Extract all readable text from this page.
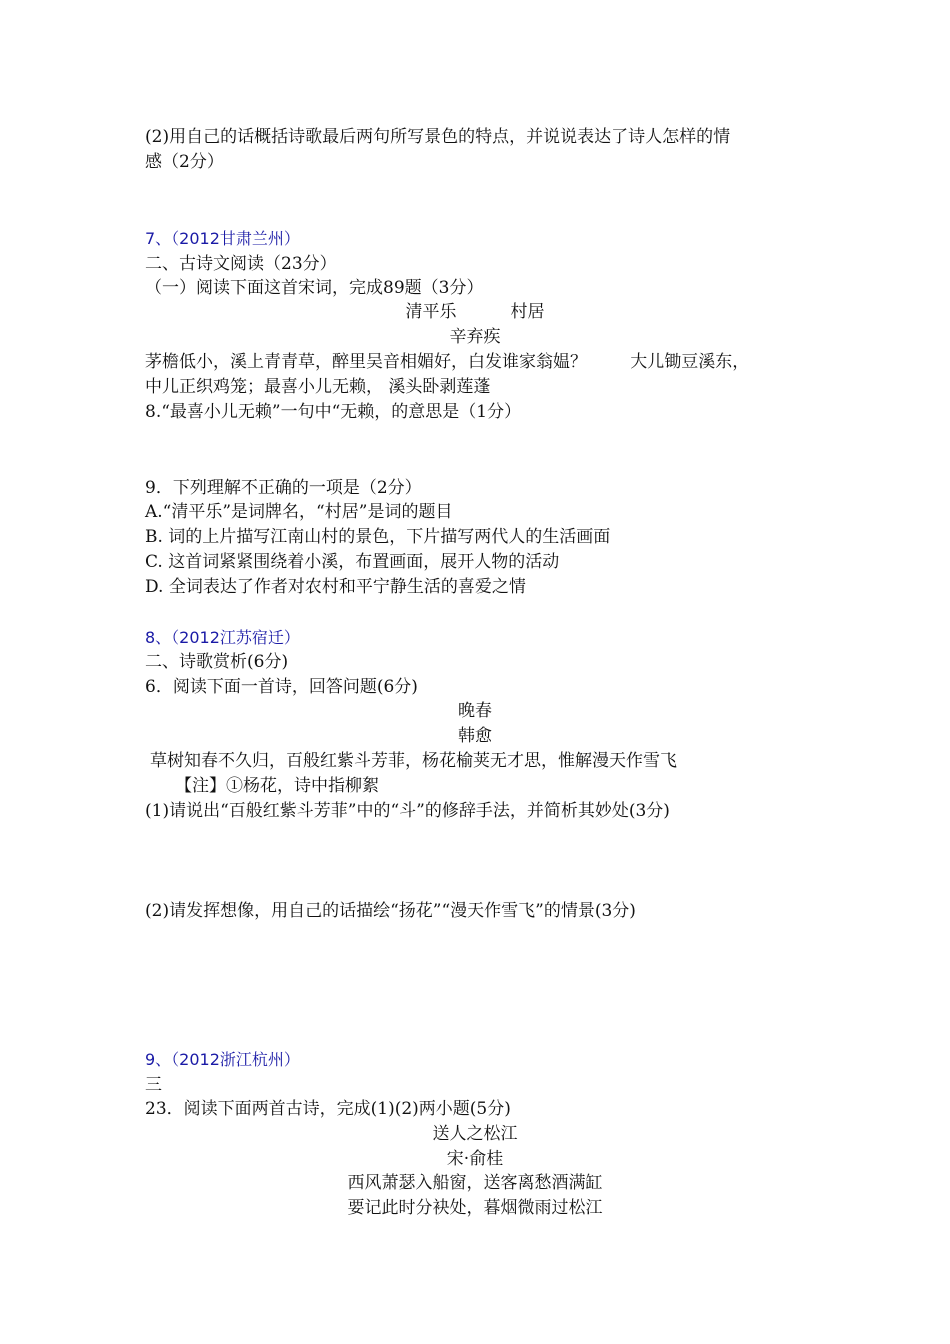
(2)用自己的话概括诗歌最后两句所写景色的特点，并说说表达了诗人怎样的情
感（2分）
7、（2012甘肃兰州）
二、古诗文阅读（23分）
（一）阅读下面这首宋词，完成89题（3分）
清平乐          村居
辛弃疾
茅檐低小，溪上青青草，醉里吴音相媚好，白发谁家翁媪？        大儿锄豆溪东，
中儿正织鸡笼；最喜小儿无赖， 溪头卧剥莲蓬
8.“最喜小儿无赖”一句中“无赖，的意思是（1分）
9．下列理解不正确的一项是（2分）
A.“清平乐”是词牌名，“村居”是词的题目
B. 词的上片描写江南山村的景色，下片描写两代人的生活画面
C. 这首词紧紧围绕着小溪，布置画面，展开人物的活动
D. 全词表达了作者对农村和平宁静生活的喜爱之情
8、（2012江苏宿迁）
二、诗歌赏析(6分)
6．阅读下面一首诗，回答问题(6分)
晚春
韩愈
草树知春不久归，百般红紫斗芳菲，杨花榆荚无才思，惟解漫天作雪飞
【注】①杨花，诗中指柳絮
(1)请说出“百般红紫斗芳菲”中的“斗”的修辞手法，并简析其妙处(3分)
(2)请发挥想像，用自己的话描绘“扬花”“漫天作雪飞”的情景(3分)
9、（2012浙江杭州）
三
23．阅读下面两首古诗，完成(1)(2)两小题(5分)
送人之松江
宋·俞桂
西风萧瑟入船窗，送客离愁酒满缸
要记此时分袂处，暮烟微雨过松江
